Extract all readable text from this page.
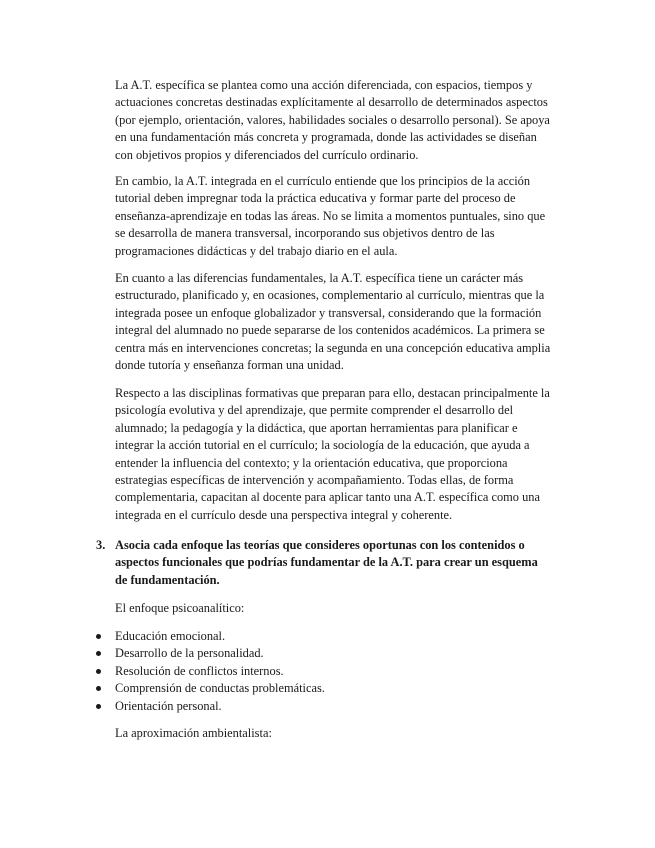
La A.T. específica se plantea como una acción diferenciada, con espacios, tiempos y actuaciones concretas destinadas explícitamente al desarrollo de determinados aspectos (por ejemplo, orientación, valores, habilidades sociales o desarrollo personal). Se apoya en una fundamentación más concreta y programada, donde las actividades se diseñan con objetivos propios y diferenciados del currículo ordinario.

En cambio, la A.T. integrada en el currículo entiende que los principios de la acción tutorial deben impregnar toda la práctica educativa y formar parte del proceso de enseñanza-aprendizaje en todas las áreas. No se limita a momentos puntuales, sino que se desarrolla de manera transversal, incorporando sus objetivos dentro de las programaciones didácticas y del trabajo diario en el aula.

En cuanto a las diferencias fundamentales, la A.T. específica tiene un carácter más estructurado, planificado y, en ocasiones, complementario al currículo, mientras que la integrada posee un enfoque globalizador y transversal, considerando que la formación integral del alumnado no puede separarse de los contenidos académicos. La primera se centra más en intervenciones concretas; la segunda en una concepción educativa amplia donde tutoría y enseñanza forman una unidad.

Respecto a las disciplinas formativas que preparan para ello, destacan principalmente la psicología evolutiva y del aprendizaje, que permite comprender el desarrollo del alumnado; la pedagogía y la didáctica, que aportan herramientas para planificar e integrar la acción tutorial en el currículo; la sociología de la educación, que ayuda a entender la influencia del contexto; y la orientación educativa, que proporciona estrategias específicas de intervención y acompañamiento. Todas ellas, de forma complementaria, capacitan al docente para aplicar tanto una A.T. específica como una integrada en el currículo desde una perspectiva integral y coherente.

3. Asocia cada enfoque las teorías que consideres oportunas con los contenidos o aspectos funcionales que podrías fundamentar de la A.T. para crear un esquema de fundamentación.
El enfoque psicoanalítico:
Educación emocional.
Desarrollo de la personalidad.
Resolución de conflictos internos.
Comprensión de conductas problemáticas.
Orientación personal.
La aproximación ambientalista:
